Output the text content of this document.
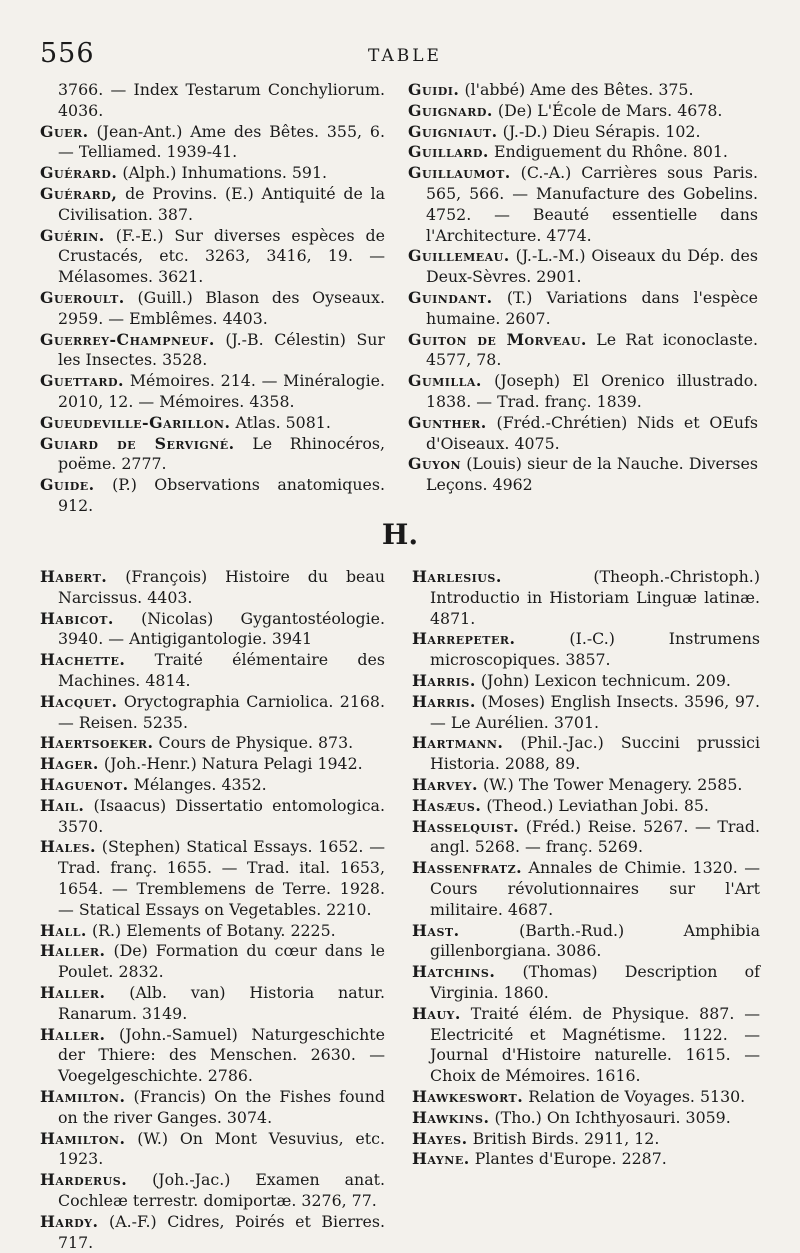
556	TABLE
3766. — Index Testarum Conchyliorum. 4036.
Guer. (Jean-Ant.) Ame des Bêtes. 355, 6. — Telliamed. 1939-41.
Guérard. (Alph.) Inhumations. 591.
Guérard, de Provins. (E.) Antiquité de la Civilisation. 387.
Guérin. (F.-E.) Sur diverses espèces de Crustacés, etc. 3263, 3416, 19. — Mélasomes. 3621.
Gueroult. (Guill.) Blason des Oyseaux. 2959. — Emblêmes. 4403.
Guerrey-Champneuf. (J.-B. Célestin) Sur les Insectes. 3528.
Guettard. Mémoires. 214. — Minéralogie. 2010, 12. — Mémoires. 4358.
Gueudeville-Garillon. Atlas. 5081.
Guiard de Servigné. Le Rhinocéros, poëme. 2777.
Guide. (P.) Observations anatomiques. 912.
Guidi. (l'abbé) Ame des Bêtes. 375.
Guignard. (De) L'École de Mars. 4678.
Guigniaut. (J.-D.) Dieu Sérapis. 102.
Guillard. Endiguement du Rhône. 801.
Guillaumot. (C.-A.) Carrières sous Paris. 565, 566. — Manufacture des Gobelins. 4752. — Beauté essentielle dans l'Architecture. 4774.
Guillemeau. (J.-L.-M.) Oiseaux du Dép. des Deux-Sèvres. 2901.
Guindant. (T.) Variations dans l'espèce humaine. 2607.
Guiton de Morveau. Le Rat iconoclaste. 4577, 78.
Gumilla. (Joseph) El Orenico illustrado. 1838. — Trad. franç. 1839.
Gunther. (Fréd.-Chrétien) Nids et OEufs d'Oiseaux. 4075.
Guyon (Louis) sieur de la Nauche. Diverses Leçons. 4962
H.
Habert. (François) Histoire du beau Narcissus. 4403.
Habicot. (Nicolas) Gygantostéologie. 3940. — Antigigantologie. 3941
Hachette. Traité élémentaire des Machines. 4814.
Hacquet. Oryctographia Carniolica. 2168. — Reisen. 5235.
Haertsoeker. Cours de Physique. 873.
Hager. (Joh.-Henr.) Natura Pelagi 1942.
Haguenot. Mélanges. 4352.
Hail. (Isaacus) Dissertatio entomologica. 3570.
Hales. (Stephen) Statical Essays. 1652. — Trad. franç. 1655. — Trad. ital. 1653, 1654. — Tremblemens de Terre. 1928. — Statical Essays on Vegetables. 2210.
Hall. (R.) Elements of Botany. 2225.
Haller. (De) Formation du cœur dans le Poulet. 2832.
Haller. (Alb. van) Historia natur. Ranarum. 3149.
Haller. (John.-Samuel) Naturgeschichte der Thiere: des Menschen. 2630. — Voegelgeschichte. 2786.
Hamilton. (Francis) On the Fishes found on the river Ganges. 3074.
Hamilton. (W.) On Mont Vesuvius, etc. 1923.
Harderus. (Joh.-Jac.) Examen anat. Cochleæ terrestr. domiportæ. 3276, 77.
Hardy. (A.-F.) Cidres, Poirés et Bierres. 717.
Harlesius. (Theoph.-Christoph.) Introductio in Historiam Linguæ latinæ. 4871.
Harrepeter. (I.-C.) Instrumens microscopiques. 3857.
Harris. (John) Lexicon technicum. 209.
Harris. (Moses) English Insects. 3596, 97. — Le Aurélien. 3701.
Hartmann. (Phil.-Jac.) Succini prussici Historia. 2088, 89.
Harvey. (W.) The Tower Menagery. 2585.
Hasæus. (Theod.) Leviathan Jobi. 85.
Hasselquist. (Fréd.) Reise. 5267. — Trad. angl. 5268. — franç. 5269.
Hassenfratz. Annales de Chimie. 1320. — Cours révolutionnaires sur l'Art militaire. 4687.
Hast. (Barth.-Rud.) Amphibia gillenborgiana. 3086.
Hatchins. (Thomas) Description of Virginia. 1860.
Hauy. Traité élém. de Physique. 887. — Electricité et Magnétisme. 1122. — Journal d'Histoire naturelle. 1615. — Choix de Mémoires. 1616.
Hawkeswort. Relation de Voyages. 5130.
Hawkins. (Tho.) On Ichthyosauri. 3059.
Hayes. British Birds. 2911, 12.
Hayne. Plantes d'Europe. 2287.
